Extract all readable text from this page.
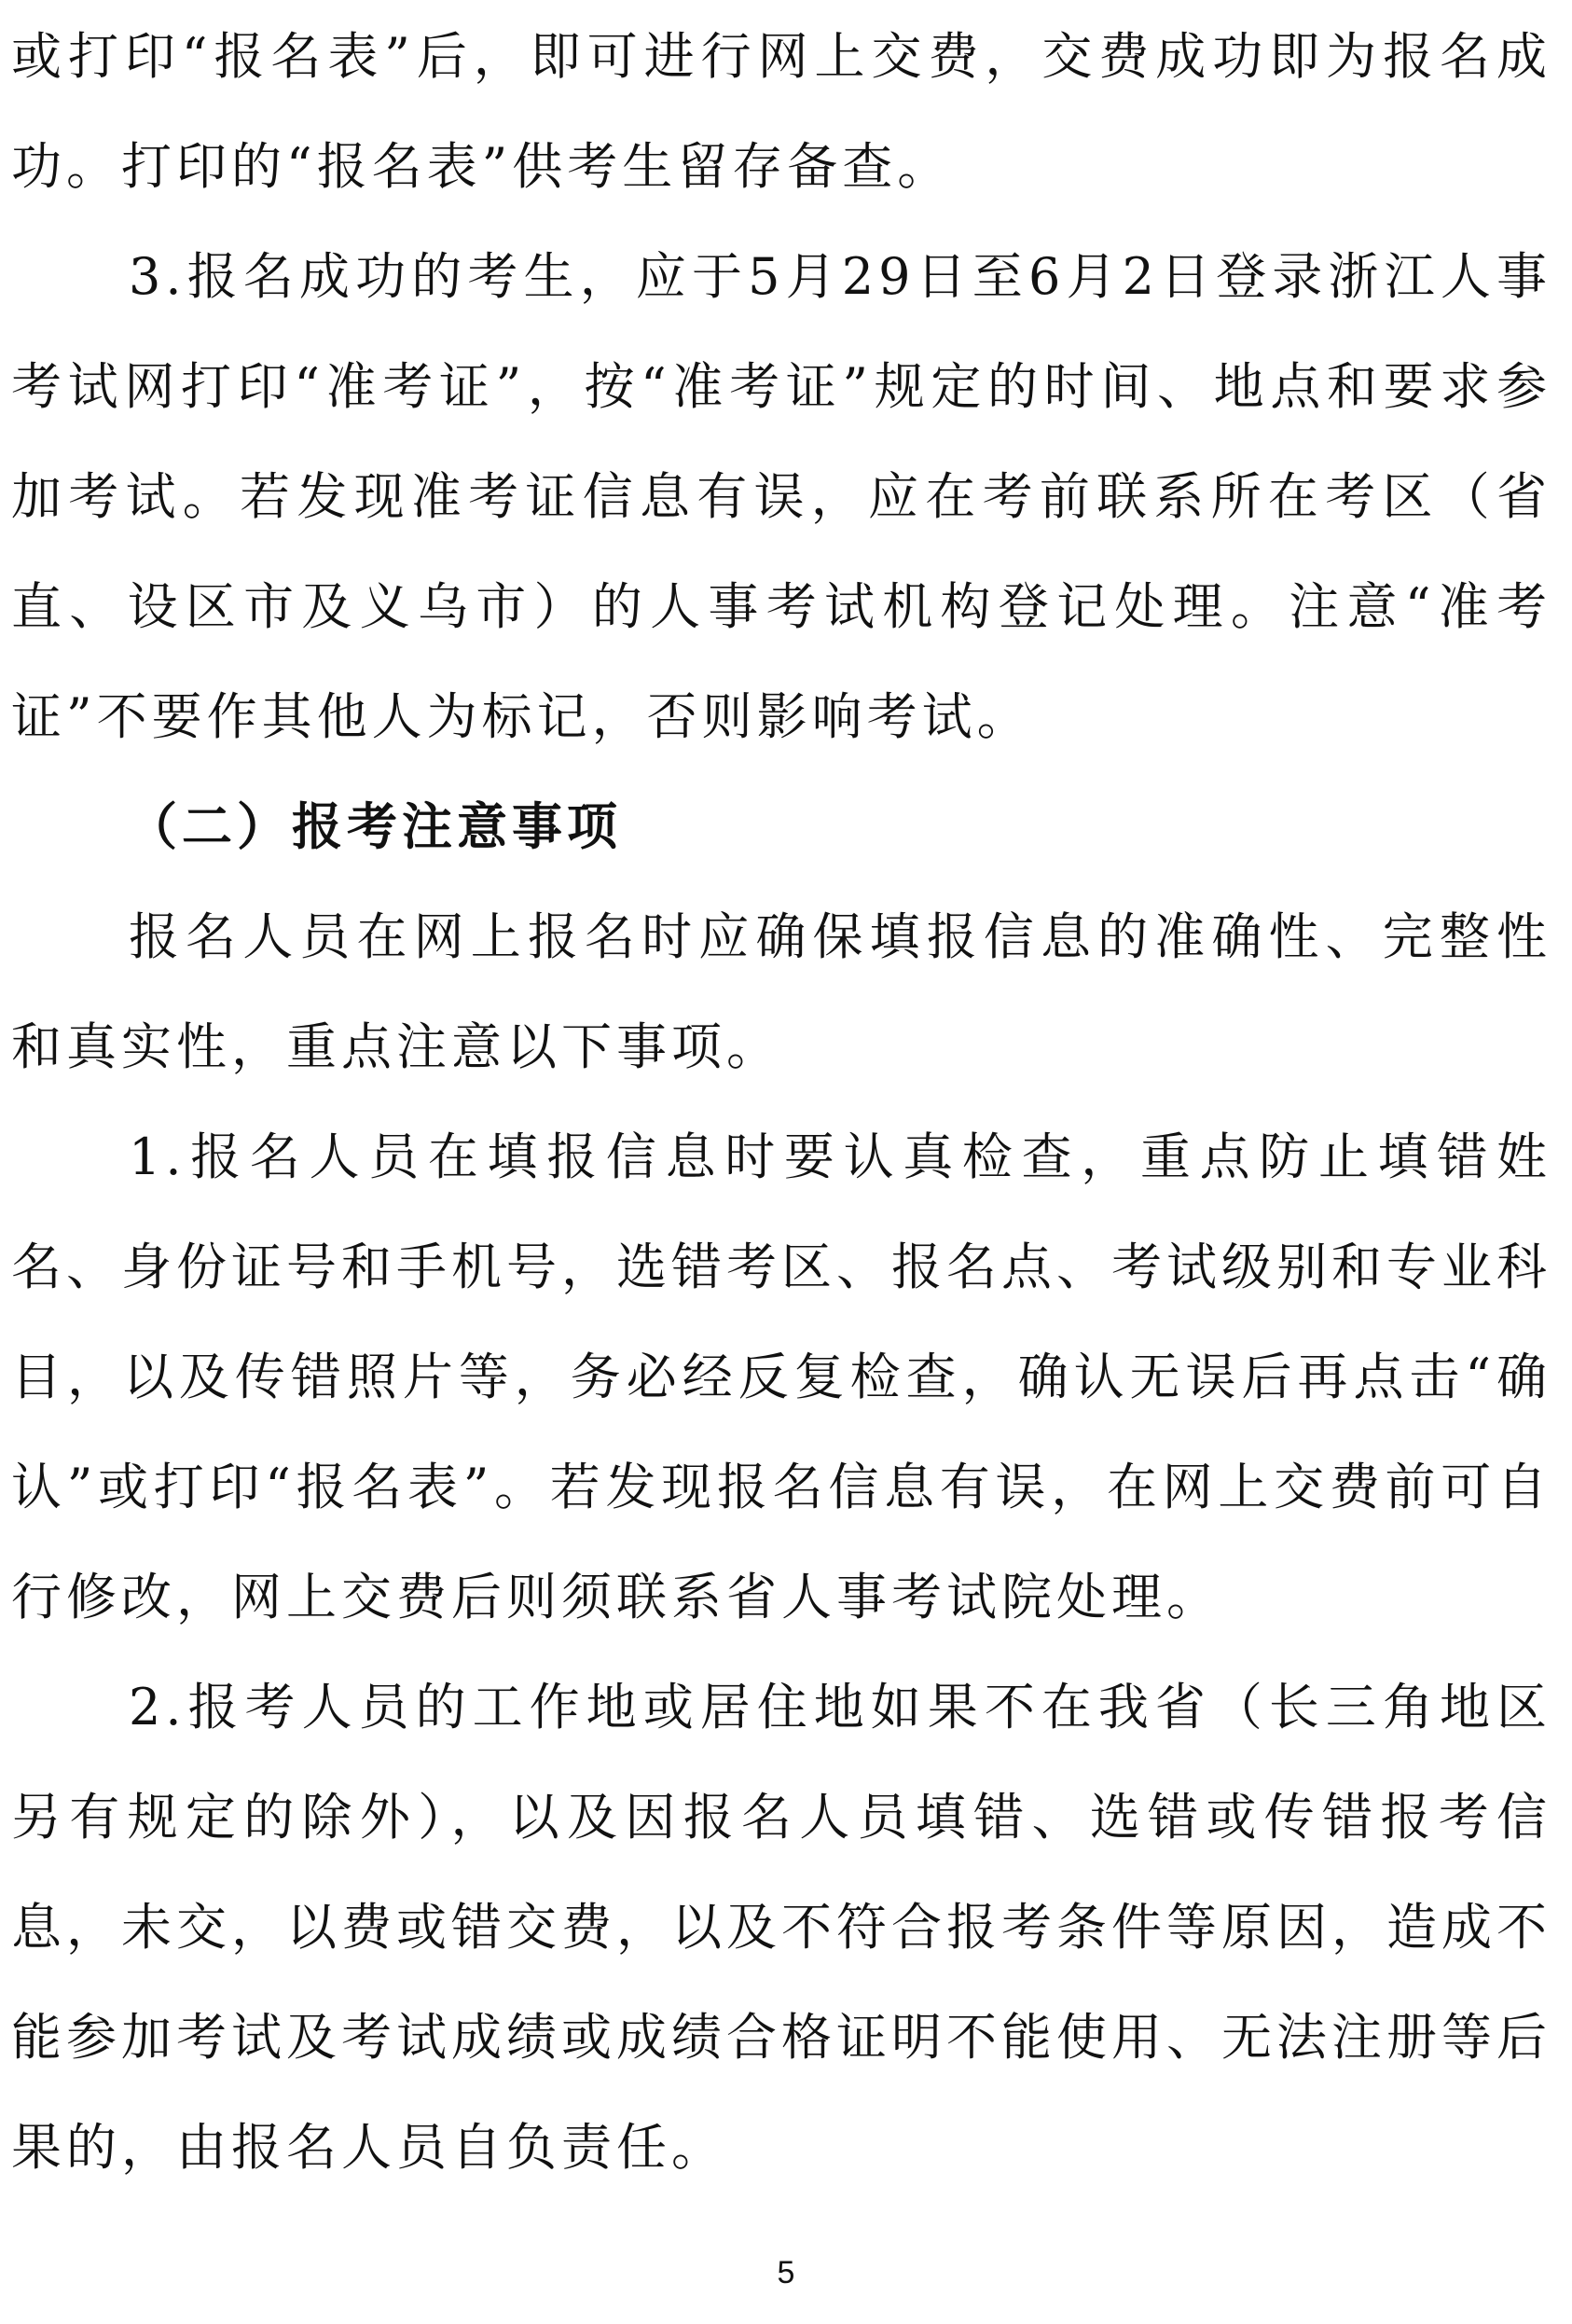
或打印“报名表”后，即可进行网上交费，交费成功即为报名成功。打印的“报名表”供考生留存备查。

3.报名成功的考生，应于5月29日至6月2日登录浙江人事考试网打印“准考证”，按“准考证”规定的时间、地点和要求参加考试。若发现准考证信息有误，应在考前联系所在考区（省直、设区市及义乌市）的人事考试机构登记处理。注意“准考证”不要作其他人为标记，否则影响考试。

（二）报考注意事项

报名人员在网上报名时应确保填报信息的准确性、完整性和真实性，重点注意以下事项。

1.报名人员在填报信息时要认真检查，重点防止填错姓名、身份证号和手机号，选错考区、报名点、考试级别和专业科目，以及传错照片等，务必经反复检查，确认无误后再点击“确认”或打印“报名表”。若发现报名信息有误，在网上交费前可自行修改，网上交费后则须联系省人事考试院处理。

2.报考人员的工作地或居住地如果不在我省（长三角地区另有规定的除外），以及因报名人员填错、选错或传错报考信息，未交，以费或错交费，以及不符合报考条件等原因，造成不能参加考试及考试成绩或成绩合格证明不能使用、无法注册等后果的，由报名人员自负责任。

5
